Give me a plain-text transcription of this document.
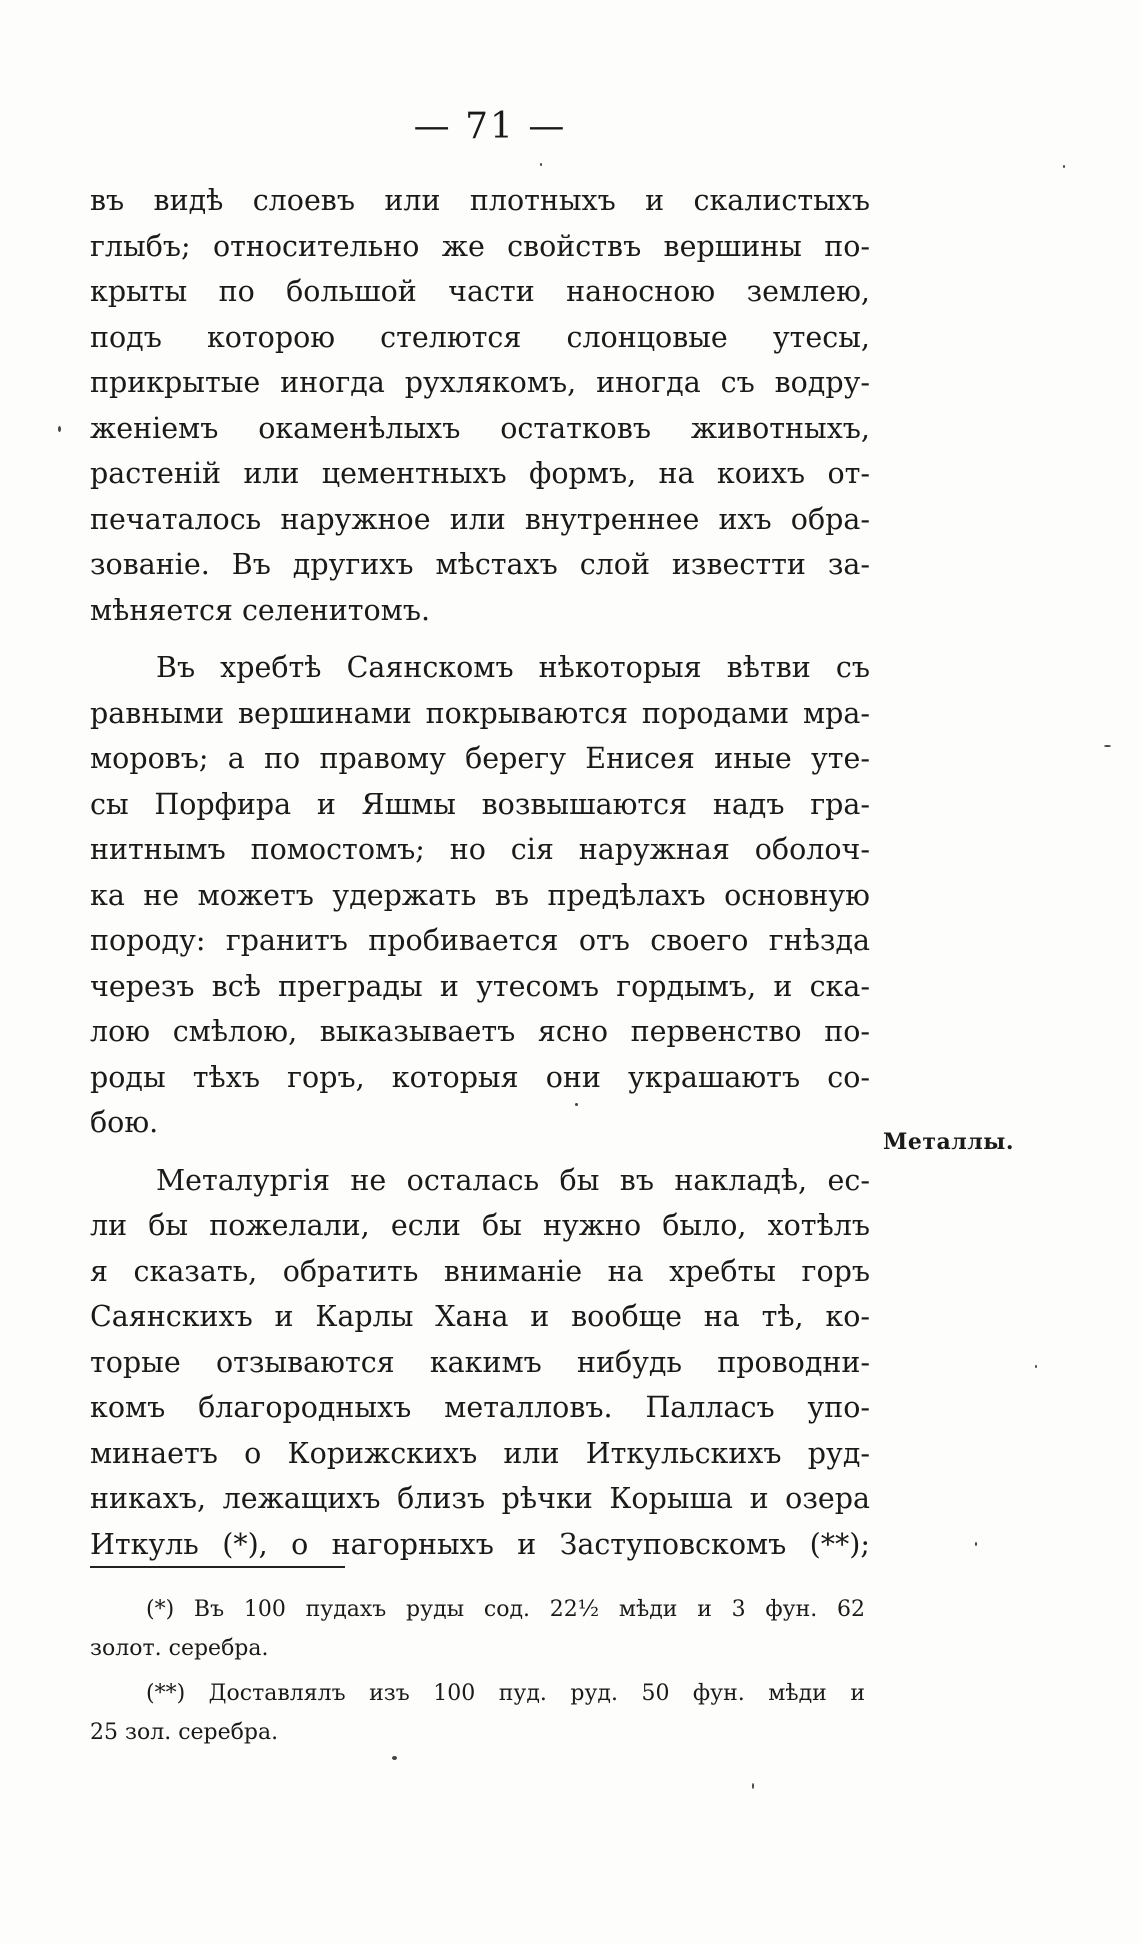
— 71 —
въ видѣ слоевъ или плотныхъ и скалистыхъ
глыбъ; относительно же свойствъ вершины по-
крыты по большой части наносною землею,
подъ которою стелются слонцовые утесы,
прикрытые иногда рухлякомъ, иногда съ водру-
женіемъ окаменѣлыхъ остатковъ животныхъ,
растеній или цементныхъ формъ, на коихъ от-
печаталось наружное или внутреннее ихъ обра-
зованіе. Въ другихъ мѣстахъ слой известти за-
мѣняется селенитомъ.
Въ хребтѣ Саянскомъ нѣкоторыя вѣтви съ
равными вершинами покрываются породами мра-
моровъ; а по правому берегу Енисея иные уте-
сы Порфира и Яшмы возвышаются надъ гра-
нитнымъ помостомъ; но сія наружная оболоч-
ка не можетъ удержать въ предѣлахъ основную
породу: гранитъ пробивается отъ своего гнѣзда
черезъ всѣ преграды и утесомъ гордымъ, и ска-
лою смѣлою, выказываетъ ясно первенство по-
роды тѣхъ горъ, которыя они украшаютъ со-
бою.
Металургія не осталась бы въ накладѣ, ес-
ли бы пожелали, если бы нужно было, хотѣлъ
я сказать, обратить вниманіе на хребты горъ
Саянскихъ и Карлы Хана и вообще на тѣ, ко-
торые отзываются какимъ нибудь проводни-
комъ благородныхъ металловъ. Палласъ упо-
минаетъ о Корижскихъ или Иткульскихъ руд-
никахъ, лежащихъ близъ рѣчки Корыша и озера
Иткуль (*), о нагорныхъ и Заступовскомъ (**);
Металлы.
(*) Въ 100 пудахъ руды сод. 22½ мѣди и 3 фун. 62
золот. серебра.
(**) Доставлялъ изъ 100 пуд. руд. 50 фун. мѣди и
25 зол. серебра.
